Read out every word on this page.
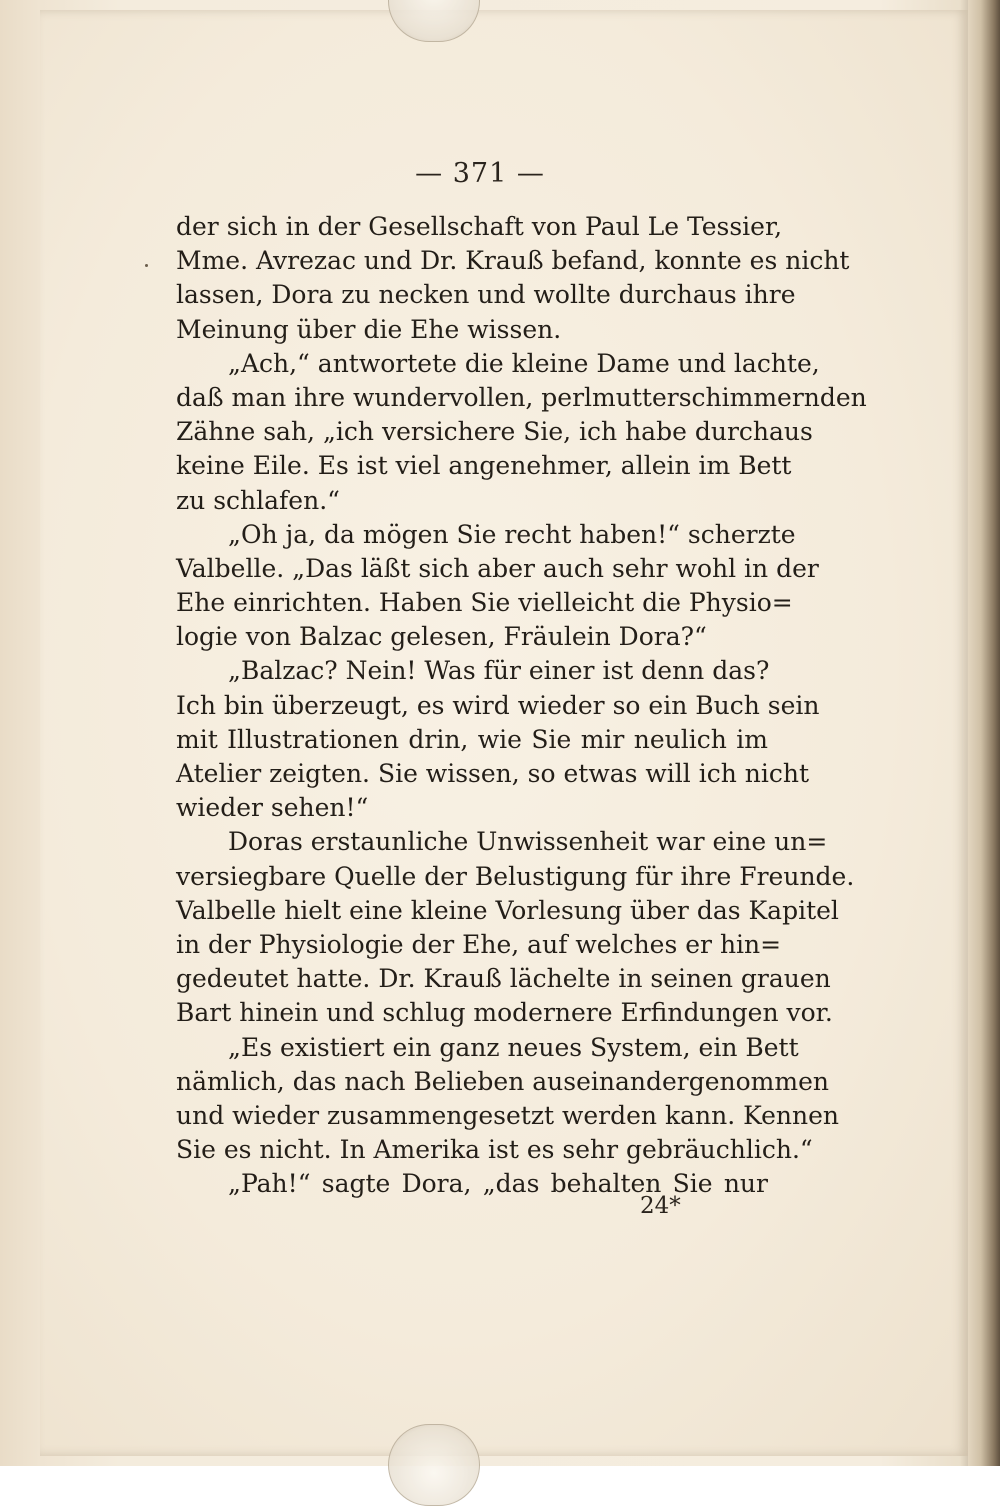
— 371 —
der sich in der Gesellschaft von Paul Le Tessier,
Mme. Avrezac und Dr. Krauß befand, konnte es nicht
lassen, Dora zu necken und wollte durchaus ihre
Meinung über die Ehe wissen.
„Ach,“ antwortete die kleine Dame und lachte,
daß man ihre wundervollen, perlmutterschimmernden
Zähne sah, „ich versichere Sie, ich habe durchaus
keine Eile. Es ist viel angenehmer, allein im Bett
zu schlafen.“
„Oh ja, da mögen Sie recht haben!“ scherzte
Valbelle. „Das läßt sich aber auch sehr wohl in der
Ehe einrichten. Haben Sie vielleicht die Physio=
logie von Balzac gelesen, Fräulein Dora?“
„Balzac? Nein! Was für einer ist denn das?
Ich bin überzeugt, es wird wieder so ein Buch sein
mit Illustrationen drin, wie Sie mir neulich im
Atelier zeigten. Sie wissen, so etwas will ich nicht
wieder sehen!“
Doras erstaunliche Unwissenheit war eine un=
versiegbare Quelle der Belustigung für ihre Freunde.
Valbelle hielt eine kleine Vorlesung über das Kapitel
in der Physiologie der Ehe, auf welches er hin=
gedeutet hatte. Dr. Krauß lächelte in seinen grauen
Bart hinein und schlug modernere Erfindungen vor.
„Es existiert ein ganz neues System, ein Bett
nämlich, das nach Belieben auseinandergenommen
und wieder zusammengesetzt werden kann. Kennen
Sie es nicht. In Amerika ist es sehr gebräuchlich.“
„Pah!“ sagte Dora, „das behalten Sie nur
24*
